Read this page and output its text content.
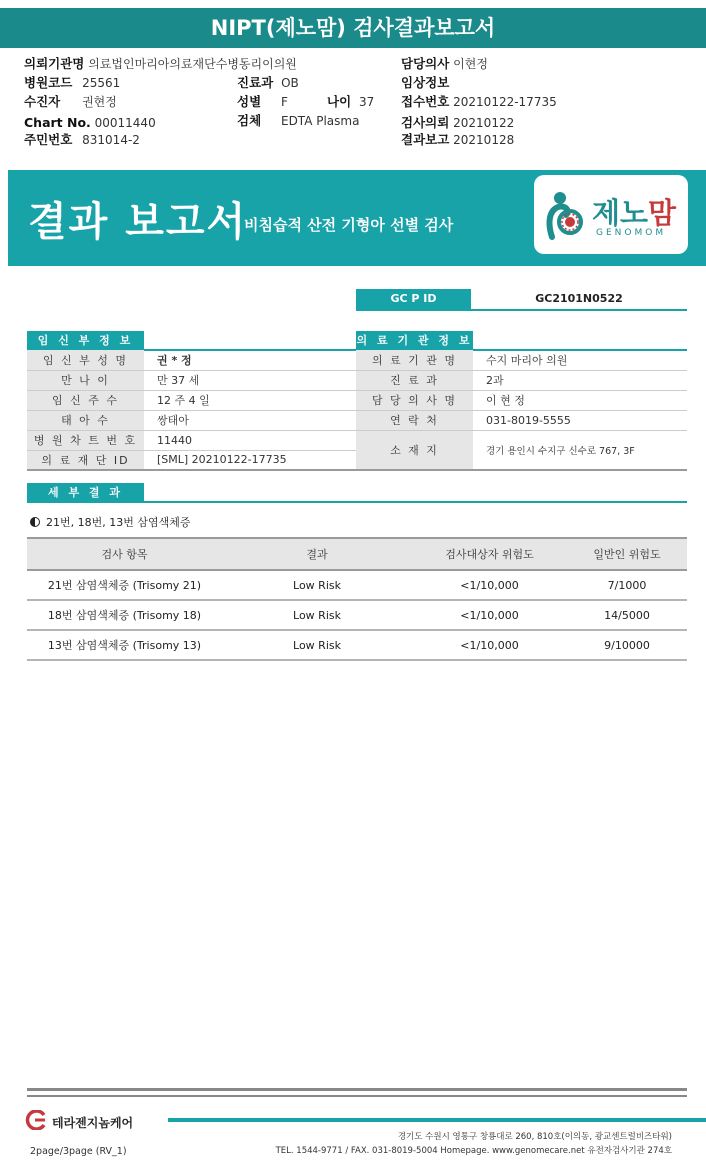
NIPT(제노맘) 검사결과보고서
의뢰기관명 의료법인마리아의료재단수병동리이의원
병원코드 25561
수진자 권현정
Chart No. 00011440
주민번호 831014-2
진료과 OB
성별 F	나이 37
검체 EDTA Plasma
담당의사 이현정
임상정보
접수번호 20210122-17735
검사의뢰 20210122
결과보고 20210128
결과 보고서
비침습적 산전 기형아 선별 검사	제노맘
GENOMOM
GC P ID	GC2101N0522
임 신 부 정 보
임 신 부 성 명	권 * 정
만 나 이	만 37 세
임 신 주 수	12 주 4 일
태 아 수	쌍태아
병 원 차 트 번 호	11440
의 료 재 단 ID	[SML] 20210122-17735
의 료 기 관 정 보
의 료 기 관 명	수지 마리아 의원
진 료 과	2과
담 당 의 사 명	이 현 정
연 락 처	031-8019-5555
소 재 지	경기 용인시 수지구 신수로 767, 3F
세 부 결 과
21번, 18번, 13번 삼염색체증
검사 항목	결과	검사대상자 위험도	일반인 위험도
21번 삼염색체증 (Trisomy 21)	Low Risk	<1/10,000	7/1000
18번 삼염색체증 (Trisomy 18)	Low Risk	<1/10,000	14/5000
13번 삼염색체증 (Trisomy 13)	Low Risk	<1/10,000	9/10000
테라젠지놈케어
경기도 수원시 영통구 창룡대로 260, 810호(이의동, 광교센트럴비즈타워)
TEL. 1544-9771 / FAX. 031-8019-5004 Homepage. www.genomecare.net 유전자검사기관 274호
2page/3page (RV_1)
